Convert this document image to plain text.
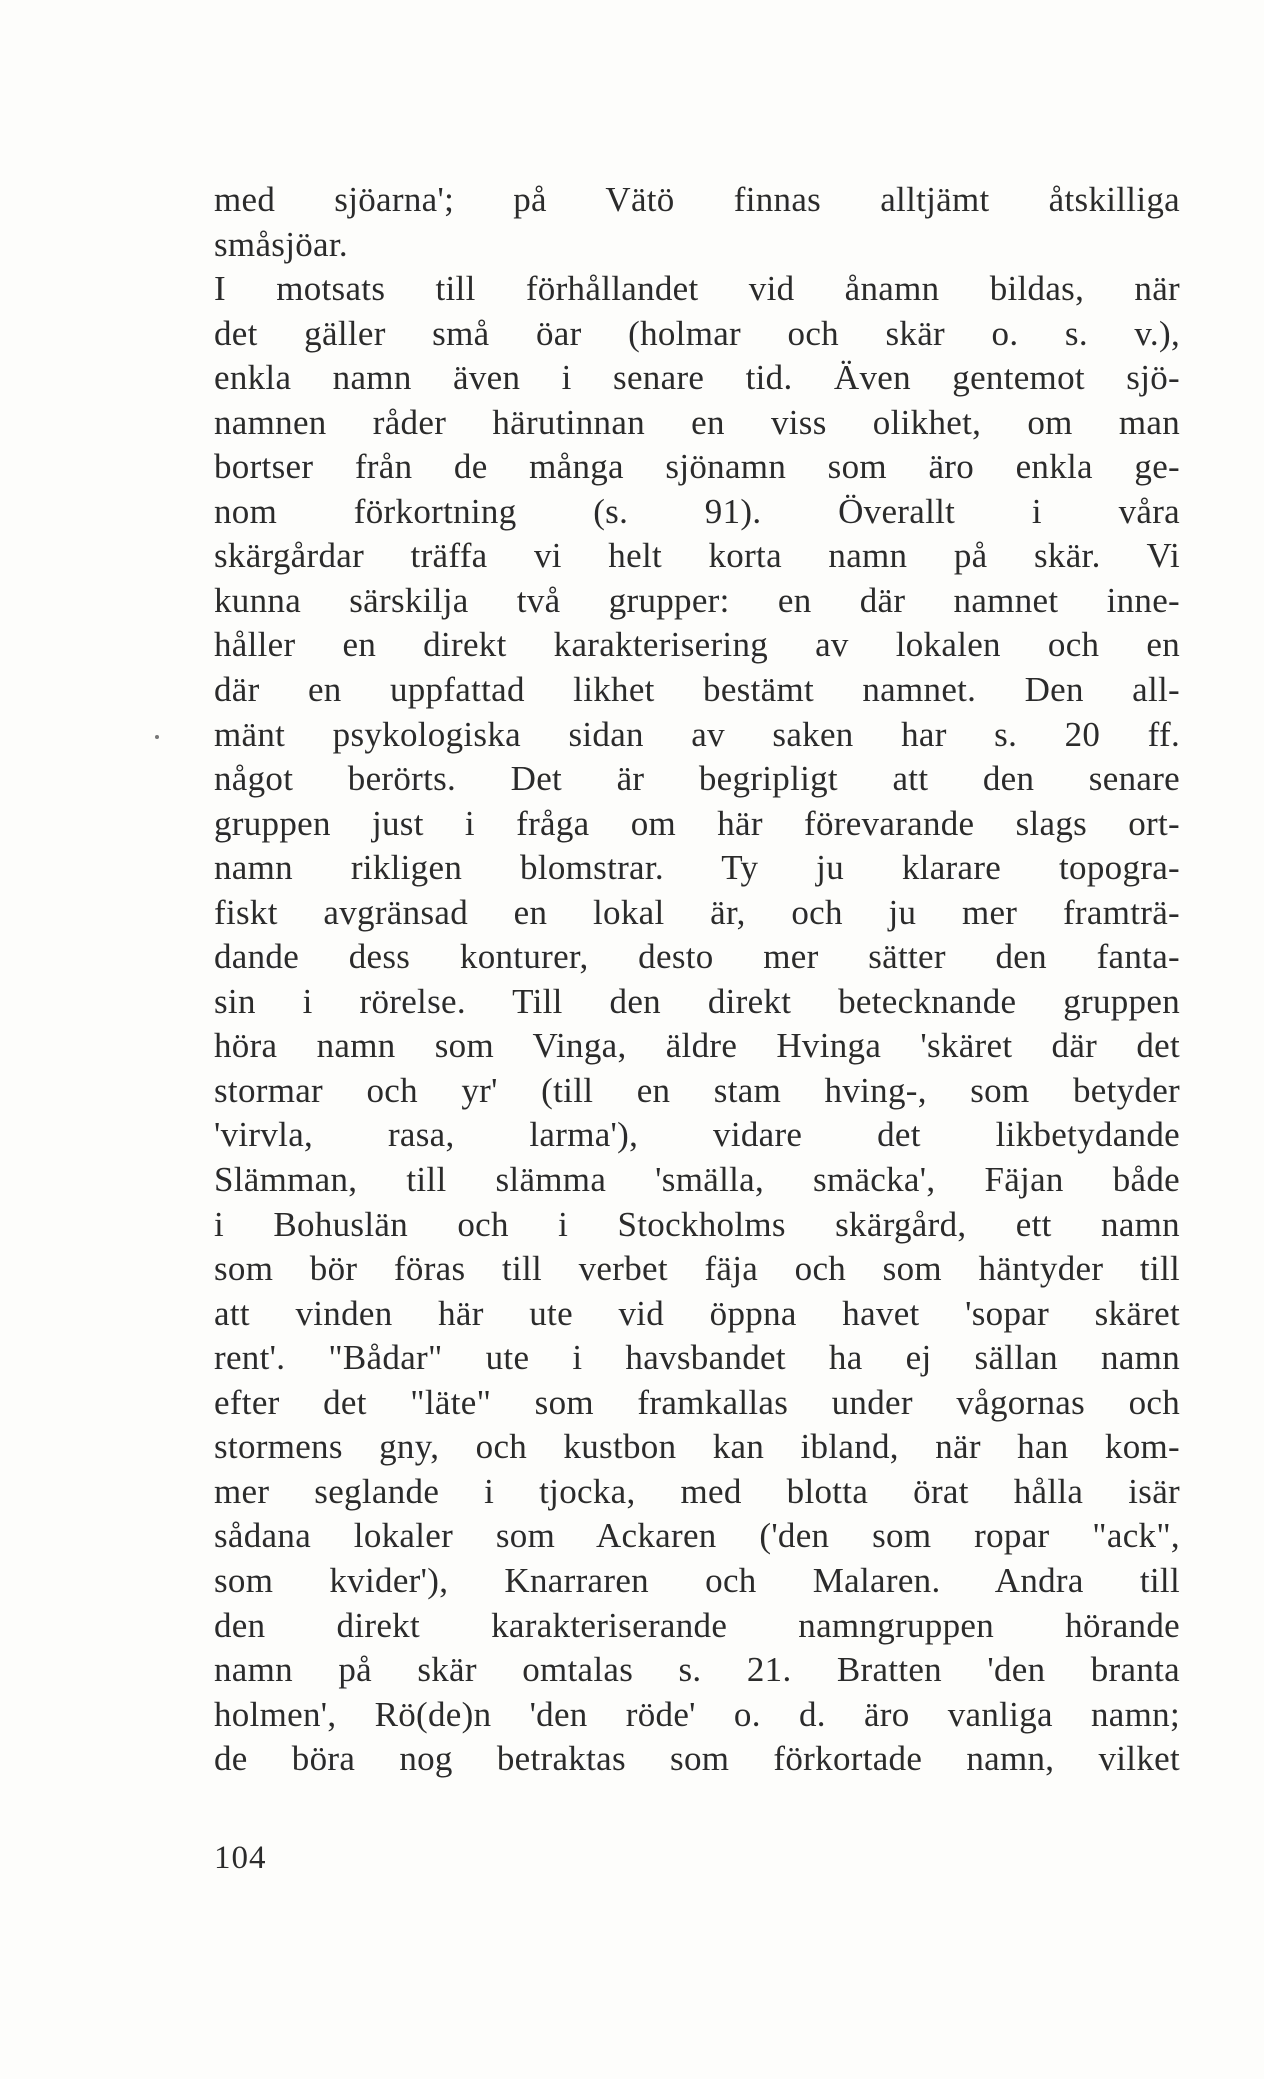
med sjöarna'; på Vätö finnas alltjämt åtskilliga
småsjöar.
I motsats till förhållandet vid ånamn bildas, när
det gäller små öar (holmar och skär o. s. v.),
enkla namn även i senare tid. Även gentemot sjö-
namnen råder härutinnan en viss olikhet, om man
bortser från de många sjönamn som äro enkla ge-
nom förkortning (s. 91). Överallt i våra
skärgårdar träffa vi helt korta namn på skär. Vi
kunna särskilja två grupper: en där namnet inne-
håller en direkt karakterisering av lokalen och en
där en uppfattad likhet bestämt namnet. Den all-
mänt psykologiska sidan av saken har s. 20 ff.
något berörts. Det är begripligt att den senare
gruppen just i fråga om här förevarande slags ort-
namn rikligen blomstrar. Ty ju klarare topogra-
fiskt avgränsad en lokal är, och ju mer framträ-
dande dess konturer, desto mer sätter den fanta-
sin i rörelse. Till den direkt betecknande gruppen
höra namn som Vinga, äldre Hvinga 'skäret där det
stormar och yr' (till en stam hving-, som betyder
'virvla, rasa, larma'), vidare det likbetydande
Slämman, till slämma 'smälla, smäcka', Fäjan både
i Bohuslän och i Stockholms skärgård, ett namn
som bör föras till verbet fäja och som häntyder till
att vinden här ute vid öppna havet 'sopar skäret
rent'. "Bådar" ute i havsbandet ha ej sällan namn
efter det "läte" som framkallas under vågornas och
stormens gny, och kustbon kan ibland, när han kom-
mer seglande i tjocka, med blotta örat hålla isär
sådana lokaler som Ackaren ('den som ropar "ack",
som kvider'), Knarraren och Malaren. Andra till
den direkt karakteriserande namngruppen hörande
namn på skär omtalas s. 21. Bratten 'den branta
holmen', Rö(de)n 'den röde' o. d. äro vanliga namn;
de böra nog betraktas som förkortade namn, vilket
104
